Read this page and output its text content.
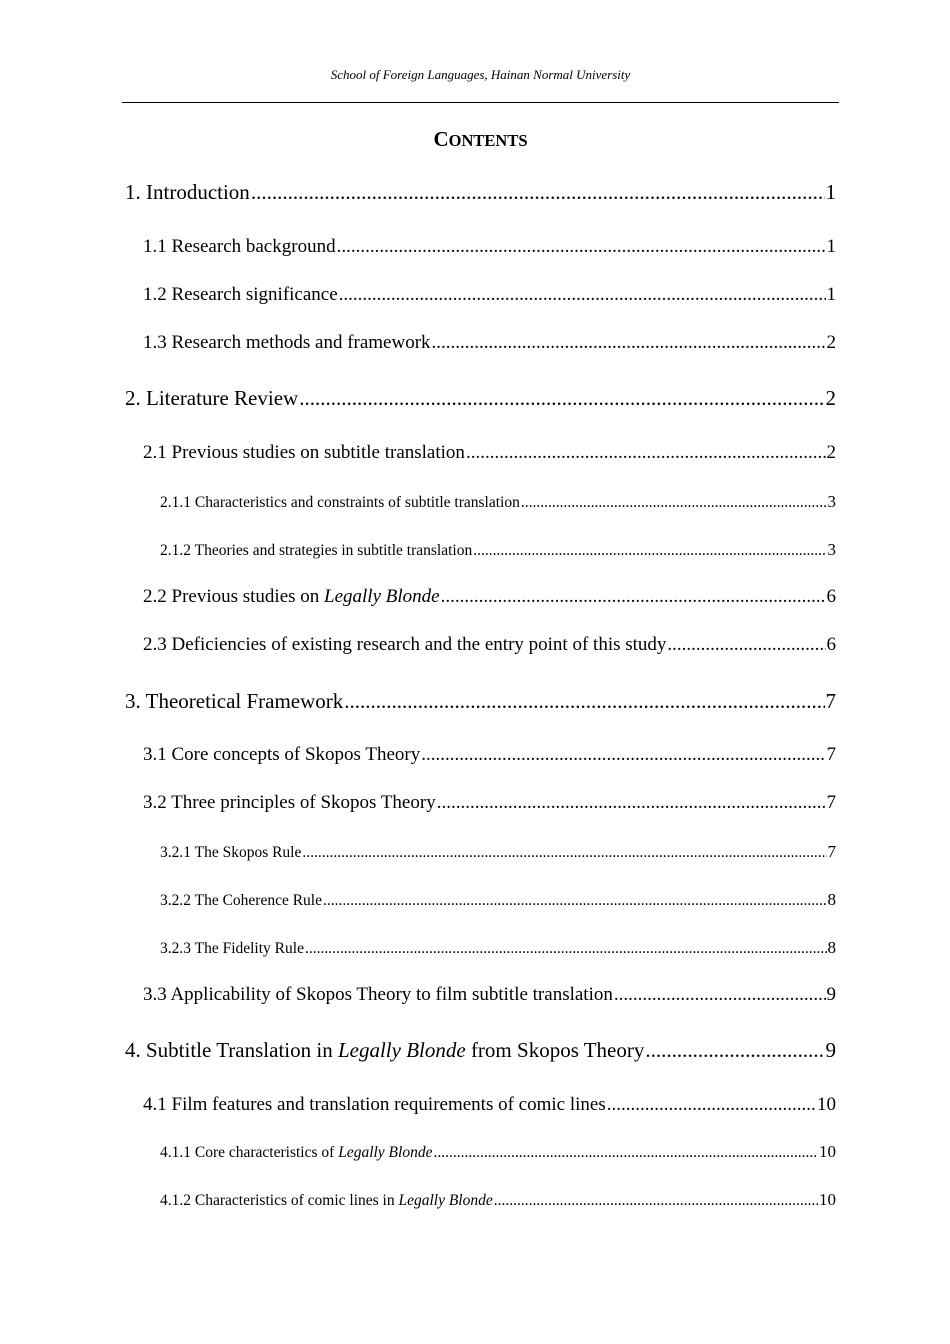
School of Foreign Languages, Hainan Normal University
CONTENTS
1. Introduction .....	1
1.1 Research background .....	1
1.2 Research significance .....	1
1.3 Research methods and framework .....	2
2. Literature Review .....	2
2.1 Previous studies on subtitle translation .....	2
2.1.1 Characteristics and constraints of subtitle translation .....	3
2.1.2 Theories and strategies in subtitle translation .....	3
2.2 Previous studies on Legally Blonde .....	6
2.3 Deficiencies of existing research and the entry point of this study .....	6
3. Theoretical Framework .....	7
3.1 Core concepts of Skopos Theory .....	7
3.2 Three principles of Skopos Theory .....	7
3.2.1 The Skopos Rule .....	7
3.2.2 The Coherence Rule .....	8
3.2.3 The Fidelity Rule .....	8
3.3 Applicability of Skopos Theory to film subtitle translation .....	9
4. Subtitle Translation in Legally Blonde from Skopos Theory .....	9
4.1 Film features and translation requirements of comic lines .....	10
4.1.1 Core characteristics of Legally Blonde .....	10
4.1.2 Characteristics of comic lines in Legally Blonde .....	10
